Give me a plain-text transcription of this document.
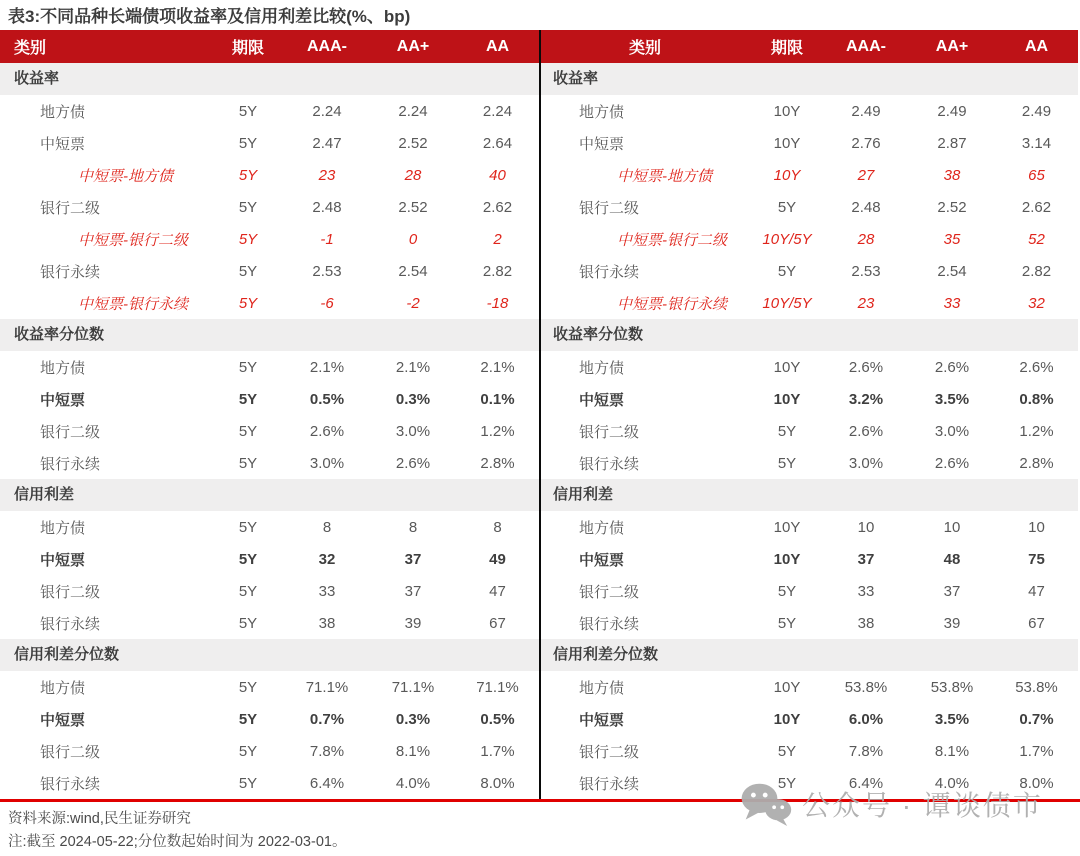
表3:不同品种长端债项收益率及信用利差比较(%、bp)
类别	期限	AAA-	AA+	AA
收益率
地方债	5Y	2.24	2.24	2.24
中短票	5Y	2.47	2.52	2.64
中短票-地方债	5Y	23	28	40
银行二级	5Y	2.48	2.52	2.62
中短票-银行二级	5Y	-1	0	2
银行永续	5Y	2.53	2.54	2.82
中短票-银行永续	5Y	-6	-2	-18
收益率分位数
地方债	5Y	2.1%	2.1%	2.1%
中短票	5Y	0.5%	0.3%	0.1%
银行二级	5Y	2.6%	3.0%	1.2%
银行永续	5Y	3.0%	2.6%	2.8%
信用利差
地方债	5Y	8	8	8
中短票	5Y	32	37	49
银行二级	5Y	33	37	47
银行永续	5Y	38	39	67
信用利差分位数
地方债	5Y	71.1%	71.1%	71.1%
中短票	5Y	0.7%	0.3%	0.5%
银行二级	5Y	7.8%	8.1%	1.7%
银行永续	5Y	6.4%	4.0%	8.0%
类别	期限	AAA-	AA+	AA
收益率
地方债	10Y	2.49	2.49	2.49
中短票	10Y	2.76	2.87	3.14
中短票-地方债	10Y	27	38	65
银行二级	5Y	2.48	2.52	2.62
中短票-银行二级	10Y/5Y	28	35	52
银行永续	5Y	2.53	2.54	2.82
中短票-银行永续	10Y/5Y	23	33	32
收益率分位数
地方债	10Y	2.6%	2.6%	2.6%
中短票	10Y	3.2%	3.5%	0.8%
银行二级	5Y	2.6%	3.0%	1.2%
银行永续	5Y	3.0%	2.6%	2.8%
信用利差
地方债	10Y	10	10	10
中短票	10Y	37	48	75
银行二级	5Y	33	37	47
银行永续	5Y	38	39	67
信用利差分位数
地方债	10Y	53.8%	53.8%	53.8%
中短票	10Y	6.0%	3.5%	0.7%
银行二级	5Y	7.8%	8.1%	1.7%
银行永续	5Y	6.4%	4.0%	8.0%
资料来源:wind,民生证券研究
注:截至 2024-05-22;分位数起始时间为 2022-03-01。
公众号 · 谭谈债市
